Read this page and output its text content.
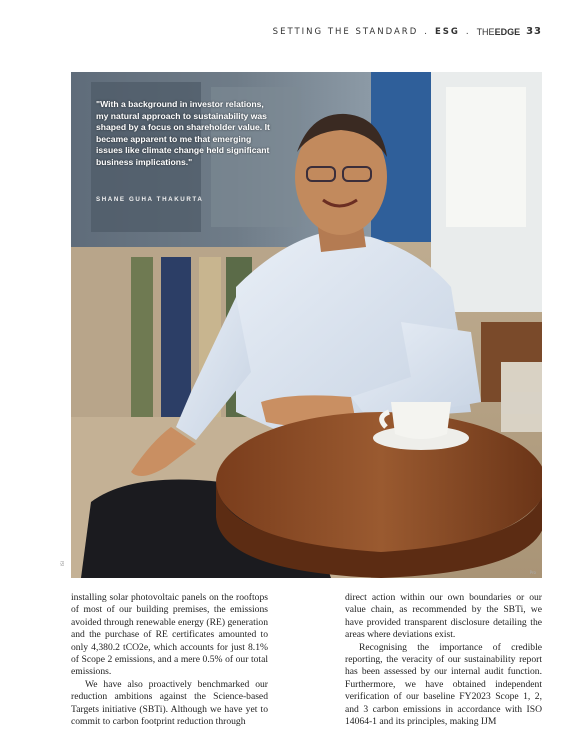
SETTING THE STANDARD . ESG . THEEDGE 33
"With a background in investor relations, my natural approach to sustainability was shaped by a focus on shareholder value. It became apparent to me that emerging issues like climate change held significant business implications."
SHANE GUHA THAKURTA
ISI
Pro

installing solar photovoltaic panels on the rooftops of most of our building premises, the emissions avoided through renewable energy (RE) generation and the purchase of RE certificates amounted to only 4,380.2 tCO2e, which accounts for just 8.1% of Scope 2 emissions, and a mere 0.5% of our total emissions.

We have also proactively benchmarked our reduction ambitions against the Science-based Targets initiative (SBTi). Although we have yet to commit to carbon footprint reduction through

direct action within our own boundaries or our value chain, as recommended by the SBTi, we have provided transparent disclosure detailing the areas where deviations exist.

Recognising the importance of credible reporting, the veracity of our sustainability report has been assessed by our internal audit function. Furthermore, we have obtained independent verification of our baseline FY2023 Scope 1, 2, and 3 carbon emissions in accordance with ISO 14064-1 and its principles, making IJM
